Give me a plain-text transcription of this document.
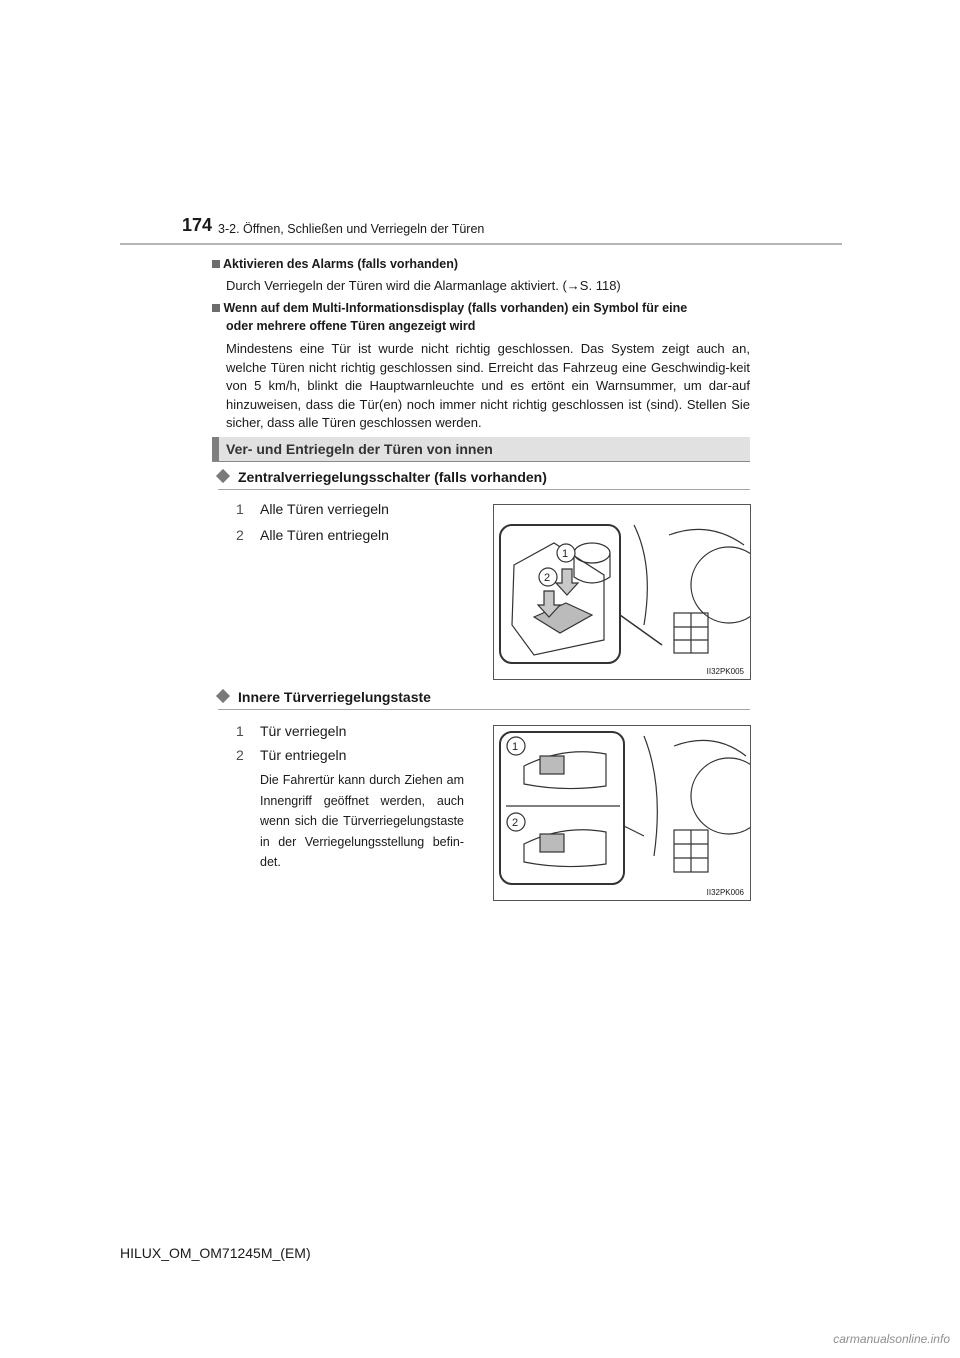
174 3-2. Öffnen, Schließen und Verriegeln der Türen
Aktivieren des Alarms (falls vorhanden)
Durch Verriegeln der Türen wird die Alarmanlage aktiviert. (→S. 118)
Wenn auf dem Multi-Informationsdisplay (falls vorhanden) ein Symbol für eine
oder mehrere offene Türen angezeigt wird
Mindestens eine Tür ist wurde nicht richtig geschlossen. Das System zeigt auch an, welche Türen nicht richtig geschlossen sind. Erreicht das Fahrzeug eine Geschwindig-keit von 5 km/h, blinkt die Hauptwarnleuchte und es ertönt ein Warnsummer, um dar-auf hinzuweisen, dass die Tür(en) noch immer nicht richtig geschlossen ist (sind). Stellen Sie sicher, dass alle Türen geschlossen werden.
Ver- und Entriegeln der Türen von innen
Zentralverriegelungsschalter (falls vorhanden)
1 Alle Türen verriegeln
2 Alle Türen entriegeln
1
2
II32PK005
Innere Türverriegelungstaste
1 Tür verriegeln
2 Tür entriegeln
Die Fahrertür kann durch Ziehen am Innengriff geöffnet werden, auch wenn sich die Türverriegelungstaste in der Verriegelungsstellung befin-det.
1
2
II32PK006
HILUX_OM_OM71245M_(EM)
carmanualsonline.info
